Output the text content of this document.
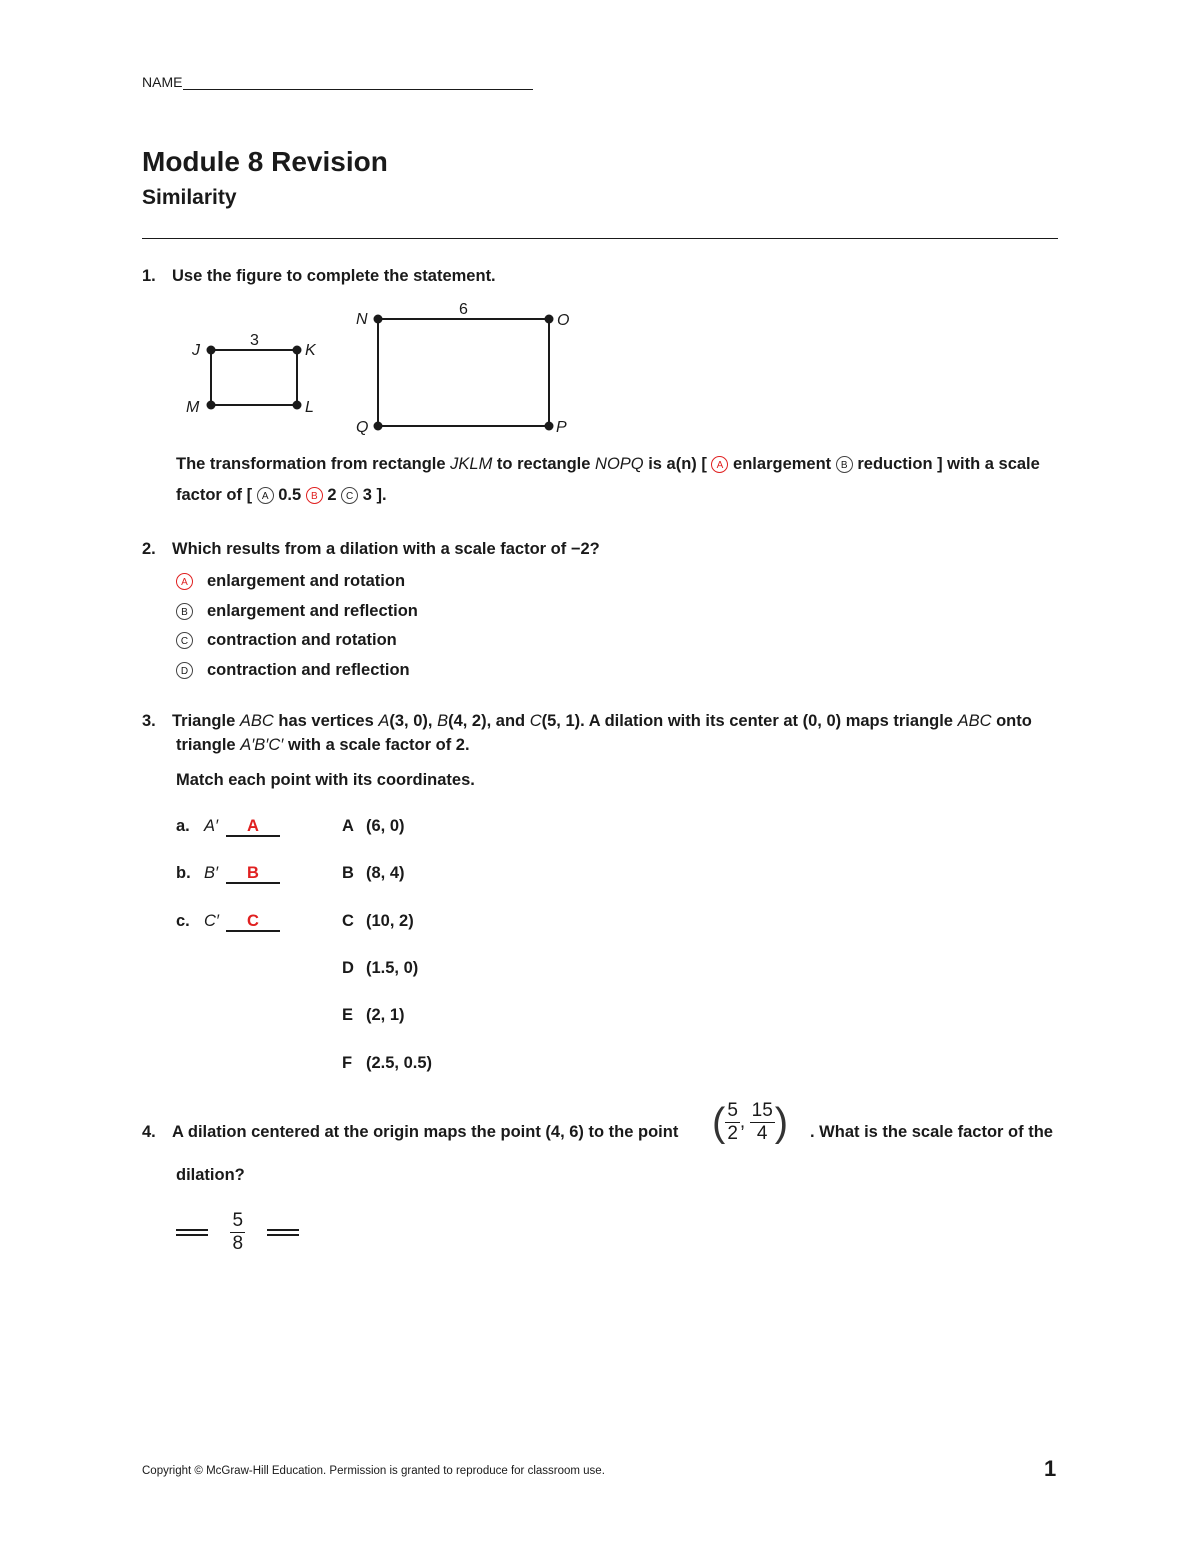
NAME
Module 8 Revision
Similarity
1. Use the figure to complete the statement.
J	K
L
M
3
N	O
P
Q
6
The transformation from rectangle JKLM to rectangle NOPQ is a(n) [ A enlargement B reduction ] with a scale
factor of [ A 0.5 B 2 C 3 ].
2. Which results from a dilation with a scale factor of −2?
A enlargement and rotation
B enlargement and reflection
C contraction and rotation
D contraction and reflection
3. Triangle ABC has vertices A(3, 0), B(4, 2), and C(5, 1). A dilation with its center at (0, 0) maps triangle ABC onto
triangle A′B′C′ with a scale factor of 2.
Match each point with its coordinates.
a. A′ A
b. B′ B
c. C′ C
A (6, 0)
B (8, 4)
C (10, 2)
D (1.5, 0)
E (2, 1)
F (2.5, 0.5)
4. A dilation centered at the origin maps the point (4, 6) to the point ( $\frac{5}{2}$ , $\frac{15}{4}$ ) . What is the scale factor of the
dilation?

$\frac{5}{8}$

Copyright © McGraw-Hill Education. Permission is granted to reproduce for classroom use.	1
